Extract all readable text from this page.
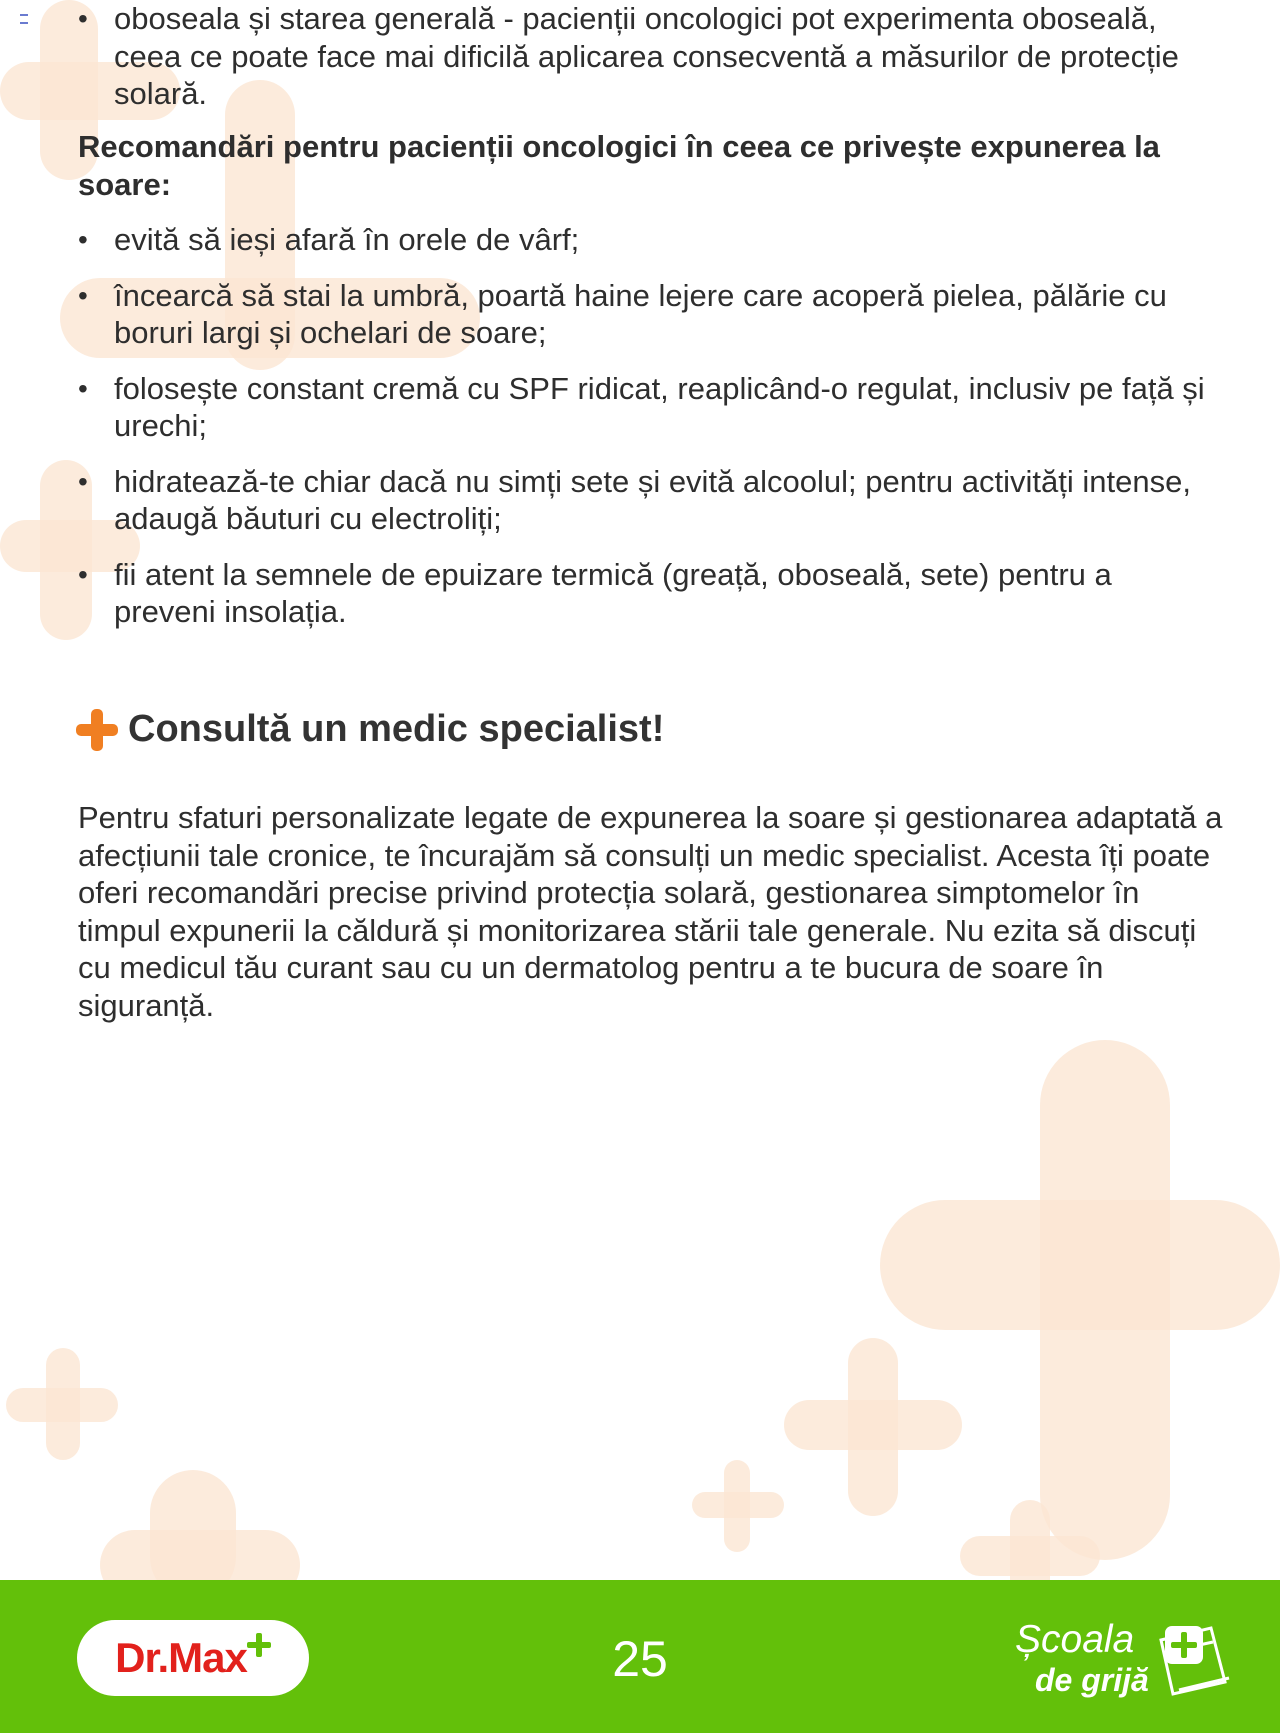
• oboseala și starea generală - pacienții oncologici pot experimenta oboseală, ceea ce poate face mai dificilă aplicarea consecventă a măsurilor de protecție solară.
Recomandări pentru pacienții oncologici în ceea ce privește expunerea la soare:
• evită să ieși afară în orele de vârf;
• încearcă să stai la umbră, poartă haine lejere care acoperă pielea, pălărie cu boruri largi și ochelari de soare;
• folosește constant cremă cu SPF ridicat, reaplicând-o regulat, inclusiv pe față și urechi;
• hidratează-te chiar dacă nu simți sete și evită alcoolul; pentru activități intense, adaugă băuturi cu electroliți;
• fii atent la semnele de epuizare termică (greață, oboseală, sete) pentru a preveni insolația.
Consultă un medic specialist!

Pentru sfaturi personalizate legate de expunerea la soare și gestionarea adaptată a afecțiunii tale cronice, te încurajăm să consulți un medic specialist. Acesta îți poate oferi recomandări precise privind protecția solară, gestionarea simptomelor în timpul expunerii la căldură și monitorizarea stării tale generale. Nu ezita să discuți cu medicul tău curant sau cu un dermatolog pentru a te bucura de soare în siguranță.

Dr.Max	25	Școala
de grijă
